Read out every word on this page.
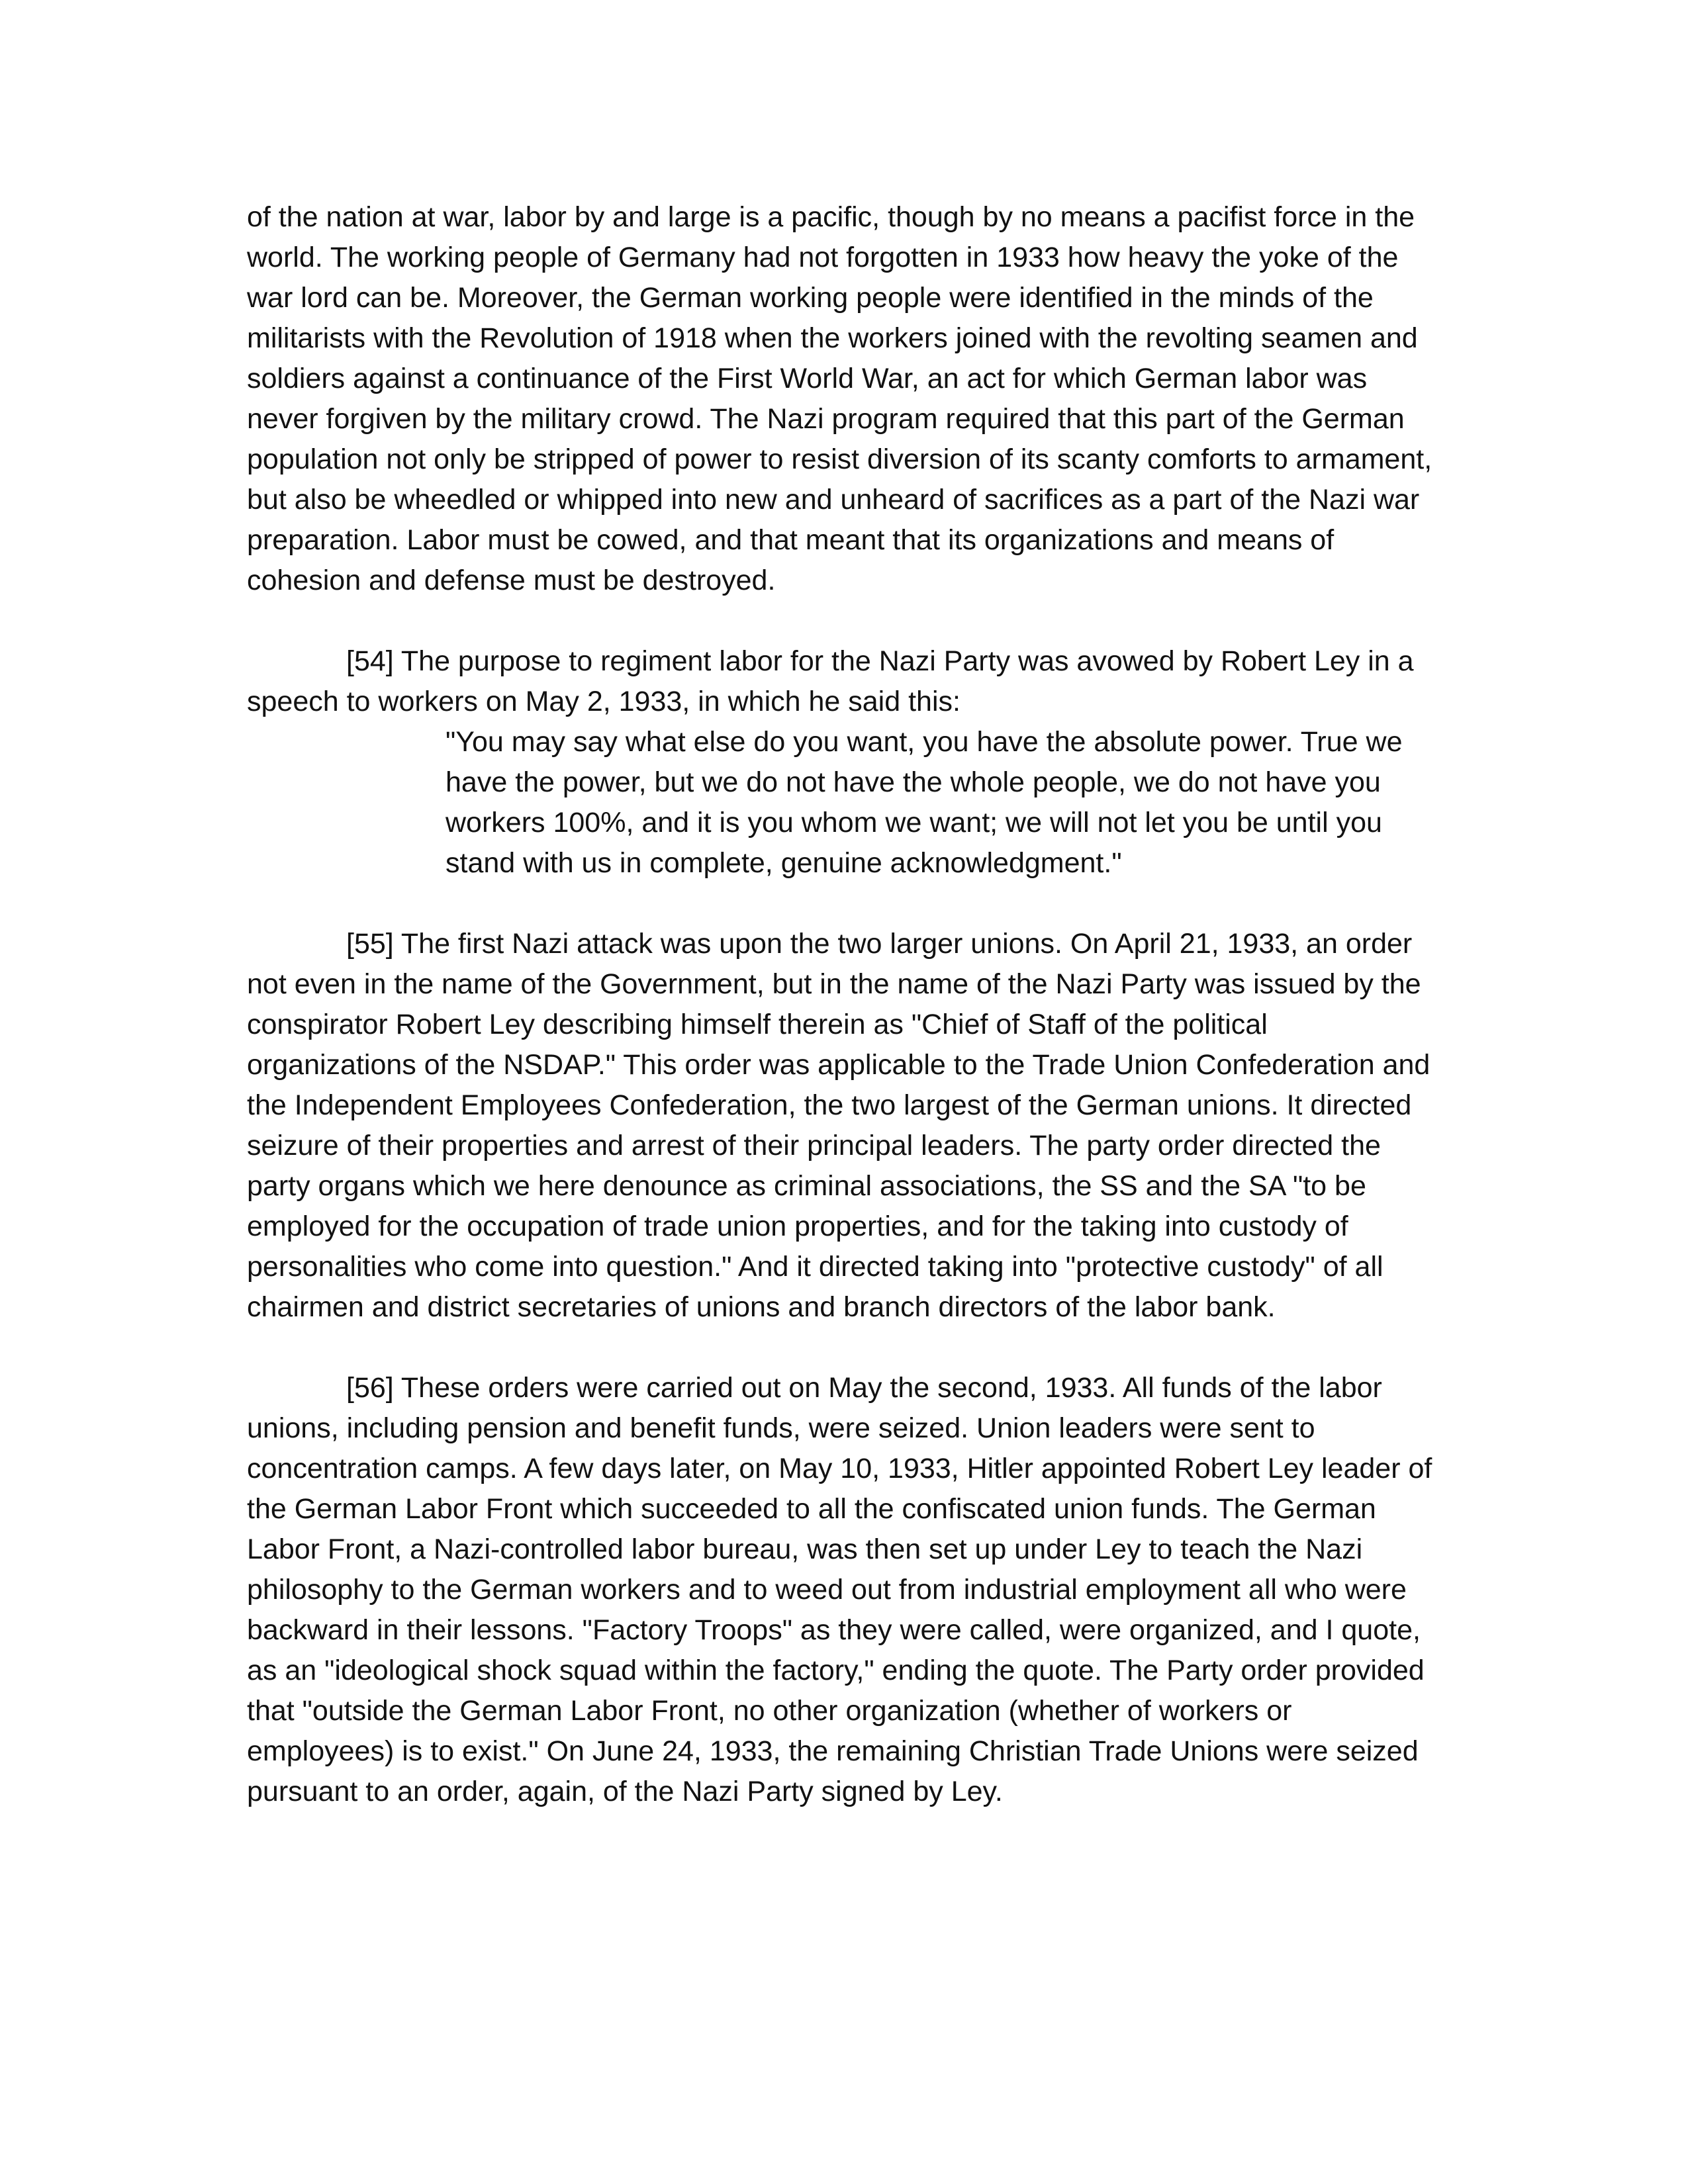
of the nation at war, labor by and large is a pacific, though by no means a pacifist force in the world. The working people of Germany had not forgotten in 1933 how heavy the yoke of the war lord can be. Moreover, the German working people were identified in the minds of the militarists with the Revolution of 1918 when the workers joined with the revolting seamen and soldiers against a continuance of the First World War, an act for which German labor was never forgiven by the military crowd. The Nazi program required that this part of the German population not only be stripped of power to resist diversion of its scanty comforts to armament, but also be wheedled or whipped into new and unheard of sacrifices as a part of the Nazi war preparation. Labor must be cowed, and that meant that its organizations and means of cohesion and defense must be destroyed.

[54] The purpose to regiment labor for the Nazi Party was avowed by Robert Ley in a speech to workers on May 2, 1933, in which he said this:

"You may say what else do you want, you have the absolute power. True we have the power, but we do not have the whole people, we do not have you workers 100%, and it is you whom we want; we will not let you be until you stand with us in complete, genuine acknowledgment."

[55] The first Nazi attack was upon the two larger unions. On April 21, 1933, an order not even in the name of the Government, but in the name of the Nazi Party was issued by the conspirator Robert Ley describing himself therein as "Chief of Staff of the political organizations of the NSDAP." This order was applicable to the Trade Union Confederation and the Independent Employees Confederation, the two largest of the German unions. It directed seizure of their properties and arrest of their principal leaders. The party order directed the party organs which we here denounce as criminal associations, the SS and the SA "to be employed for the occupation of trade union properties, and for the taking into custody of personalities who come into question." And it directed taking into "protective custody" of all chairmen and district secretaries of unions and branch directors of the labor bank.

[56] These orders were carried out on May the second, 1933. All funds of the labor unions, including pension and benefit funds, were seized. Union leaders were sent to concentration camps. A few days later, on May 10, 1933, Hitler appointed Robert Ley leader of the German Labor Front which succeeded to all the confiscated union funds. The German Labor Front, a Nazi-controlled labor bureau, was then set up under Ley to teach the Nazi philosophy to the German workers and to weed out from industrial employment all who were backward in their lessons. "Factory Troops" as they were called, were organized, and I quote, as an "ideological shock squad within the factory," ending the quote. The Party order provided that "outside the German Labor Front, no other organization (whether of workers or employees) is to exist." On June 24, 1933, the remaining Christian Trade Unions were seized pursuant to an order, again, of the Nazi Party signed by Ley.
